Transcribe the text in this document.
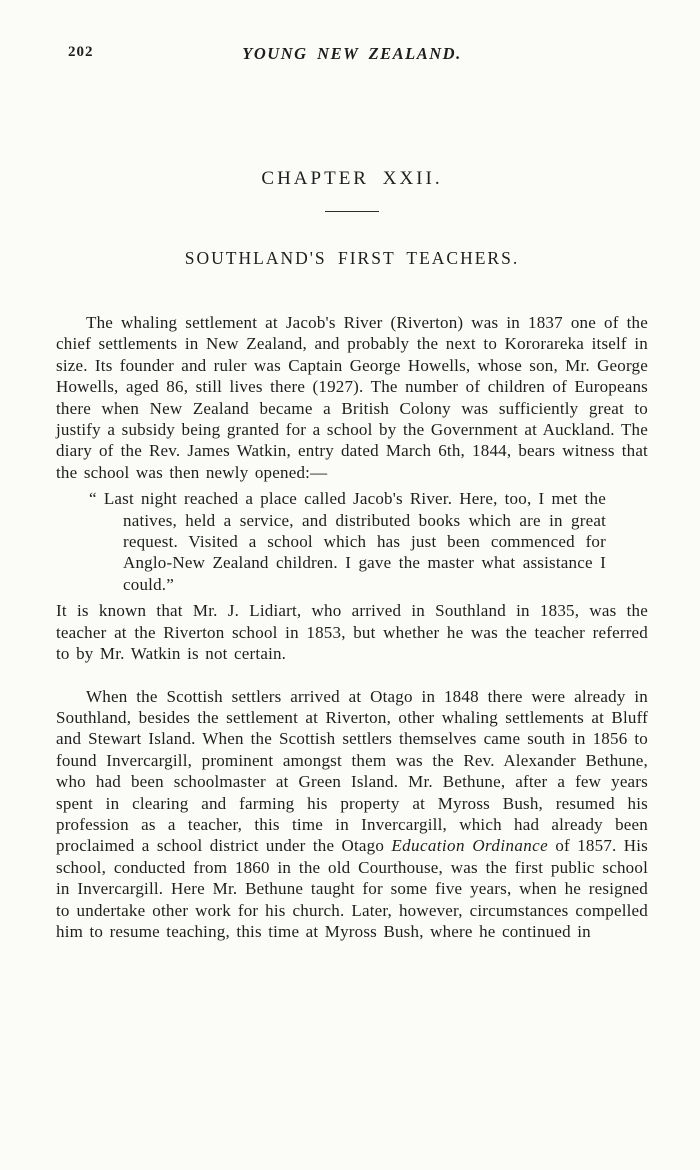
202	YOUNG NEW ZEALAND.
CHAPTER XXII.
SOUTHLAND'S FIRST TEACHERS.

The whaling settlement at Jacob's River (Riverton) was in 1837 one of the chief settlements in New Zealand, and probably the next to Kororareka itself in size. Its founder and ruler was Captain George Howells, whose son, Mr. George Howells, aged 86, still lives there (1927). The number of children of Europeans there when New Zealand became a British Colony was sufficiently great to justify a subsidy being granted for a school by the Government at Auckland. The diary of the Rev. James Watkin, entry dated March 6th, 1844, bears witness that the school was then newly opened:—

“ Last night reached a place called Jacob's River. Here, too, I met the natives, held a service, and distributed books which are in great request. Visited a school which has just been commenced for Anglo-New Zealand children. I gave the master what assistance I could.”

It is known that Mr. J. Lidiart, who arrived in Southland in 1835, was the teacher at the Riverton school in 1853, but whether he was the teacher referred to by Mr. Watkin is not certain.

When the Scottish settlers arrived at Otago in 1848 there were already in Southland, besides the settlement at Riverton, other whaling settlements at Bluff and Stewart Island. When the Scottish settlers themselves came south in 1856 to found Invercargill, prominent amongst them was the Rev. Alexander Bethune, who had been schoolmaster at Green Island. Mr. Bethune, after a few years spent in clearing and farming his property at Myross Bush, resumed his profession as a teacher, this time in Invercargill, which had already been proclaimed a school district under the Otago Education Ordinance of 1857. His school, conducted from 1860 in the old Courthouse, was the first public school in Invercargill. Here Mr. Bethune taught for some five years, when he resigned to undertake other work for his church. Later, however, circumstances compelled him to resume teaching, this time at Myross Bush, where he continued in
